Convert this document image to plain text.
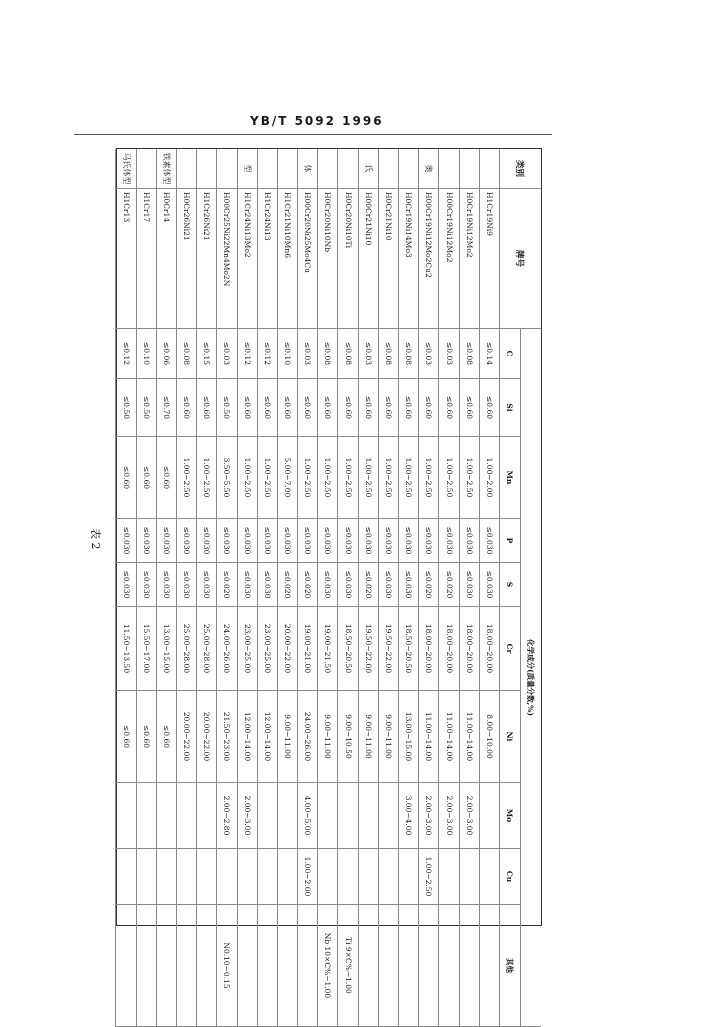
YB/T 5092 1996
表 2
类别
牌号
化学成分(质量分数,%)
C
Si
Mn
P
S
Cr
Ni
Mo
Cu
其他
H1Cr19Ni9
≤0.14
≤0.60
1.00~2.00
≤0.030
≤0.030
18.00~20.00
8.00~10.00
H0Cr19Ni12Mo2
≤0.08
≤0.60
1.00~2.50
≤0.030
≤0.030
18.00~20.00
11.00~14.00
2.00~3.00
H00Cr19Ni12Mo2
≤0.03
≤0.60
1.00~2.50
≤0.030
≤0.020
18.00~20.00
11.00~14.00
2.00~3.00
奥
H00Cr19Ni12Mo2Cu2
≤0.03
≤0.60
1.00~2.50
≤0.030
≤0.020
18.00~20.00
11.00~14.00
2.00~3.00
1.00~2.50
H0Cr19Ni14Mo3
≤0.08
≤0.60
1.00~2.50
≤0.030
≤0.030
18.50~20.50
13.00~15.00
3.00~4.00
H0Cr21Ni10
≤0.08
≤0.60
1.00~2.50
≤0.030
≤0.030
19.50~22.00
9.00~11.00
氏
H00Cr21Ni10
≤0.03
≤0.60
1.00~2.50
≤0.030
≤0.020
19.50~22.00
9.00~11.00
H0Cr20Ni10Ti
≤0.08
≤0.60
1.00~2.50
≤0.030
≤0.030
18.50~20.50
9.00~10.50
Ti 9×C%~1.00
H0Cr20Ni10Nb
≤0.08
≤0.60
1.00~2.50
≤0.030
≤0.030
19.00~21.50
9.00~11.00
Nb 10×C%~1.00
体
H00Cr20Ni25Mo4Cu
≤0.03
≤0.60
1.00~2.50
≤0.030
≤0.020
19.00~21.00
24.00~26.00
4.00~5.00
1.00~2.00
H1Cr21Ni10Mn6
≤0.10
≤0.60
5.00~7.00
≤0.030
≤0.020
20.00~22.00
9.00~11.00
H1Cr24Ni13
≤0.12
≤0.60
1.00~2.50
≤0.030
≤0.030
23.00~25.00
12.00~14.00
型
H1Cr24Ni13Mo2
≤0.12
≤0.60
1.00~2.50
≤0.030
≤0.030
23.00~25.00
12.00~14.00
2.00~3.00
H00Cr25Ni22Mn4Mo2N
≤0.03
≤0.50
3.50~5.50
≤0.030
≤0.020
24.00~26.00
21.50~23.00
2.00~2.80
N0.10~0.15
H1Cr26Ni21
≤0.15
≤0.60
1.00~2.50
≤0.030
≤0.030
25.00~28.00
20.00~22.00
H0Cr26Ni21
≤0.08
≤0.60
1.00~2.50
≤0.030
≤0.030
25.00~28.00
20.00~22.00
铁素体型
H0Cr14
≤0.06
≤0.70
≤0.60
≤0.030
≤0.030
13.00~15.00
≤0.60
H1Cr17
≤0.10
≤0.50
≤0.60
≤0.030
≤0.030
15.50~17.00
≤0.60
马氏体型
H1Cr13
≤0.12
≤0.50
≤0.60
≤0.030
≤0.030
11.50~13.50
≤0.60
